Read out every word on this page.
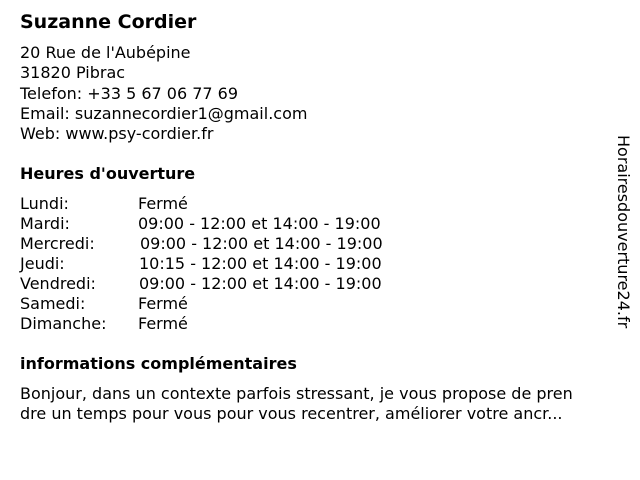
Suzanne Cordier
20 Rue de l'Aubépine
31820 Pibrac
Telefon: +33 5 67 06 77 69
Email: suzannecordier1@gmail.com
Web: www.psy-cordier.fr
Heures d'ouverture
Lundi:	Fermé
Mardi:	09:00 - 12:00 et 14:00 - 19:00
Mercredi:	09:00 - 12:00 et 14:00 - 19:00
Jeudi:	10:15 - 12:00 et 14:00 - 19:00
Vendredi:	09:00 - 12:00 et 14:00 - 19:00
Samedi:	Fermé
Dimanche: Fermé
informations complémentaires
Bonjour, dans un contexte parfois stressant, je vous propose de pren
dre un temps pour vous pour vous recentrer, améliorer votre ancr...
Horairesdouverture24.fr
